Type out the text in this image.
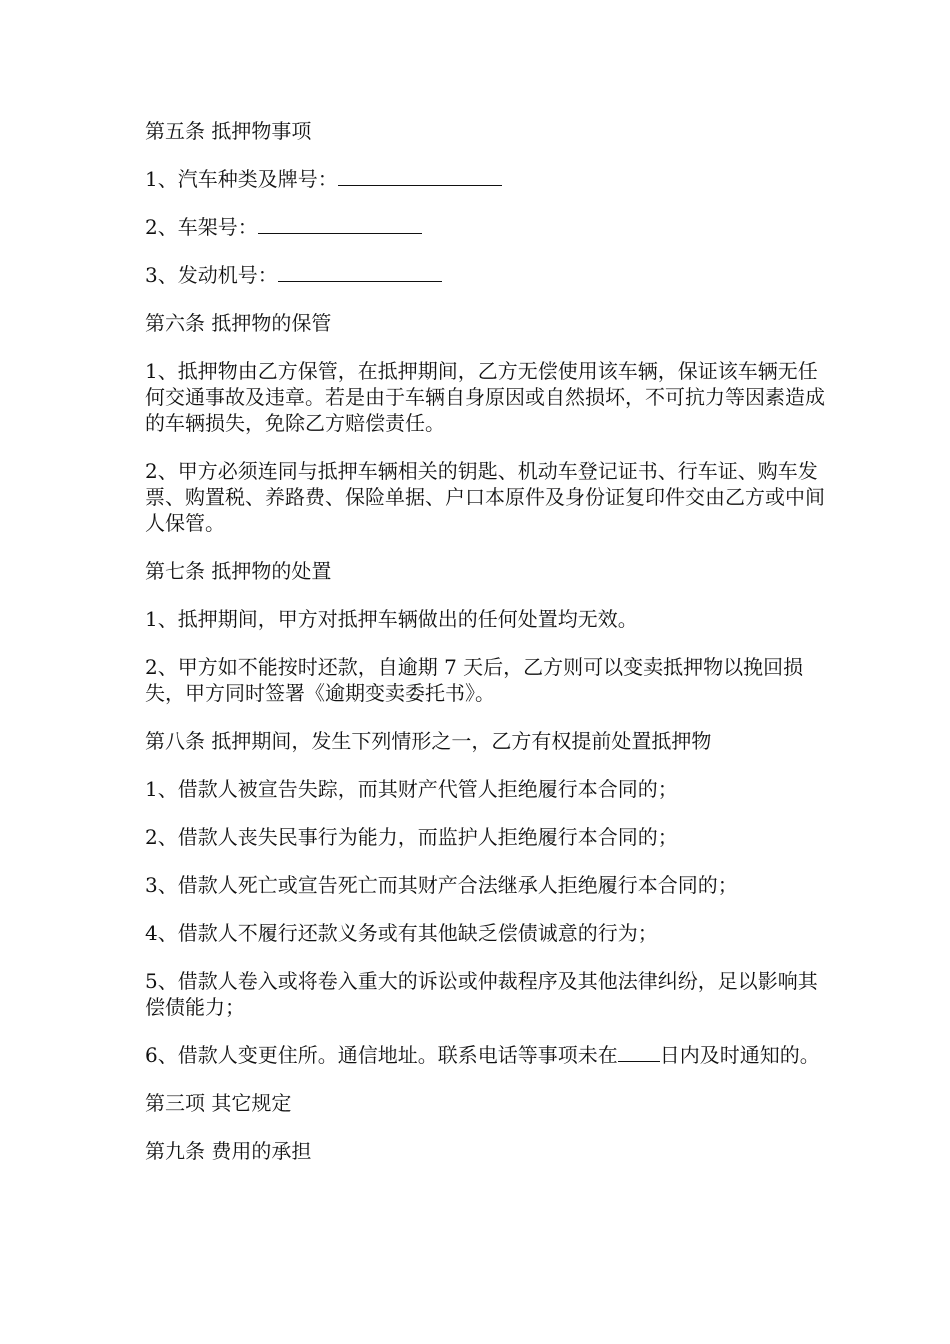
第五条 抵押物事项

1、汽车种类及牌号：

2、车架号：

3、发动机号：

第六条 抵押物的保管

1、抵押物由乙方保管，在抵押期间，乙方无偿使用该车辆，保证该车辆无任何交通事故及违章。若是由于车辆自身原因或自然损坏，不可抗力等因素造成的车辆损失，免除乙方赔偿责任。

2、甲方必须连同与抵押车辆相关的钥匙、机动车登记证书、行车证、购车发票、购置税、养路费、保险单据、户口本原件及身份证复印件交由乙方或中间人保管。

第七条 抵押物的处置

1、抵押期间，甲方对抵押车辆做出的任何处置均无效。

2、甲方如不能按时还款，自逾期 7 天后，乙方则可以变卖抵押物以挽回损失，甲方同时签署《逾期变卖委托书》。

第八条 抵押期间，发生下列情形之一，乙方有权提前处置抵押物

1、借款人被宣告失踪，而其财产代管人拒绝履行本合同的；

2、借款人丧失民事行为能力，而监护人拒绝履行本合同的；

3、借款人死亡或宣告死亡而其财产合法继承人拒绝履行本合同的；

4、借款人不履行还款义务或有其他缺乏偿债诚意的行为；

5、借款人卷入或将卷入重大的诉讼或仲裁程序及其他法律纠纷，足以影响其偿债能力；

6、借款人变更住所。通信地址。联系电话等事项未在 日内及时通知的。

第三项 其它规定

第九条 费用的承担
